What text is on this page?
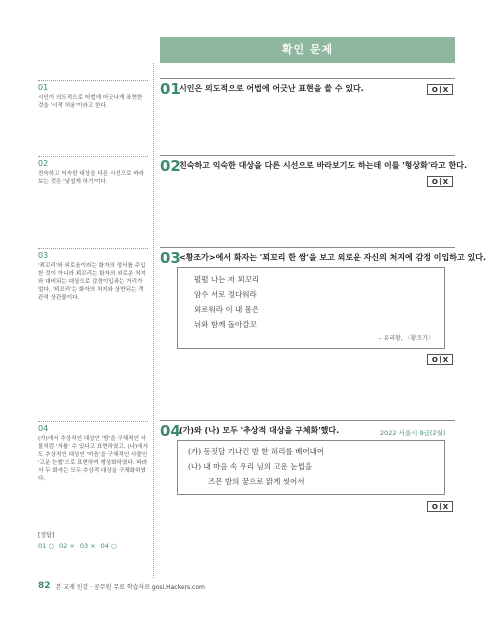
확인 문제
01
시인이 의도적으로 어법에 어긋나게 표현한 것을 '시적 허용'이라고 한다.
02
친숙하고 익숙한 대상을 다른 시선으로 바라보는 것은 '낯설게 하기'이다.
03
'꾀꼬리'와 외로움이라는 화자의 정서를 주입한 것이 아니라 꾀꼬리는 화자의 외로운 처지와 대비되는 대상으로 감정이입과는 거리가 멀다. '꾀꼬리'는 화자의 처지와 상반되는 객관적 상관물이다.
04
(가)에서 추상적인 대상인 '밤'을 구체적인 사물처럼 '자를' 수 있다고 표현하였고, (나)에서도 추상적인 대상인 '마음'을 구체적인 사물인 '고운 눈썹'으로 표현하여 형상화하였다. 따라서 두 화자는 모두 추상적 대상을 구체화하였다.
01
시인은 의도적으로 어법에 어긋난 표현을 쓸 수 있다.	O X
02
친숙하고 익숙한 대상을 다른 시선으로 바라보기도 하는데 이를 '형상화'라고 한다.
O X
03
<황조가>에서 화자는 '꾀꼬리 한 쌍'을 보고 외로운 자신의 처지에 감정 이입하고 있다.
펄펄 나는 저 꾀꼬리
암수 서로 정다워라
외로워라 이 내 몸은
뉘와 함께 돌아갈꼬
– 유리왕, 〈황조가〉
O X
04
(가)와 (나) 모두 '추상적 대상을 구체화'했다.	2022 서울시 9급(2월)
(가) 동짓달 기나긴 밤 한 허리를 베어내어
(나) 내 마음 속 우리 님의 고운 눈썹을
즈믄 밤의 꿈으로 맑게 씻어서
O X
[정답]
01 ○ 02 × 03 × 04 ○
82 본 교재 인강 · 공무원 무료 학습자료 gosi.Hackers.com
